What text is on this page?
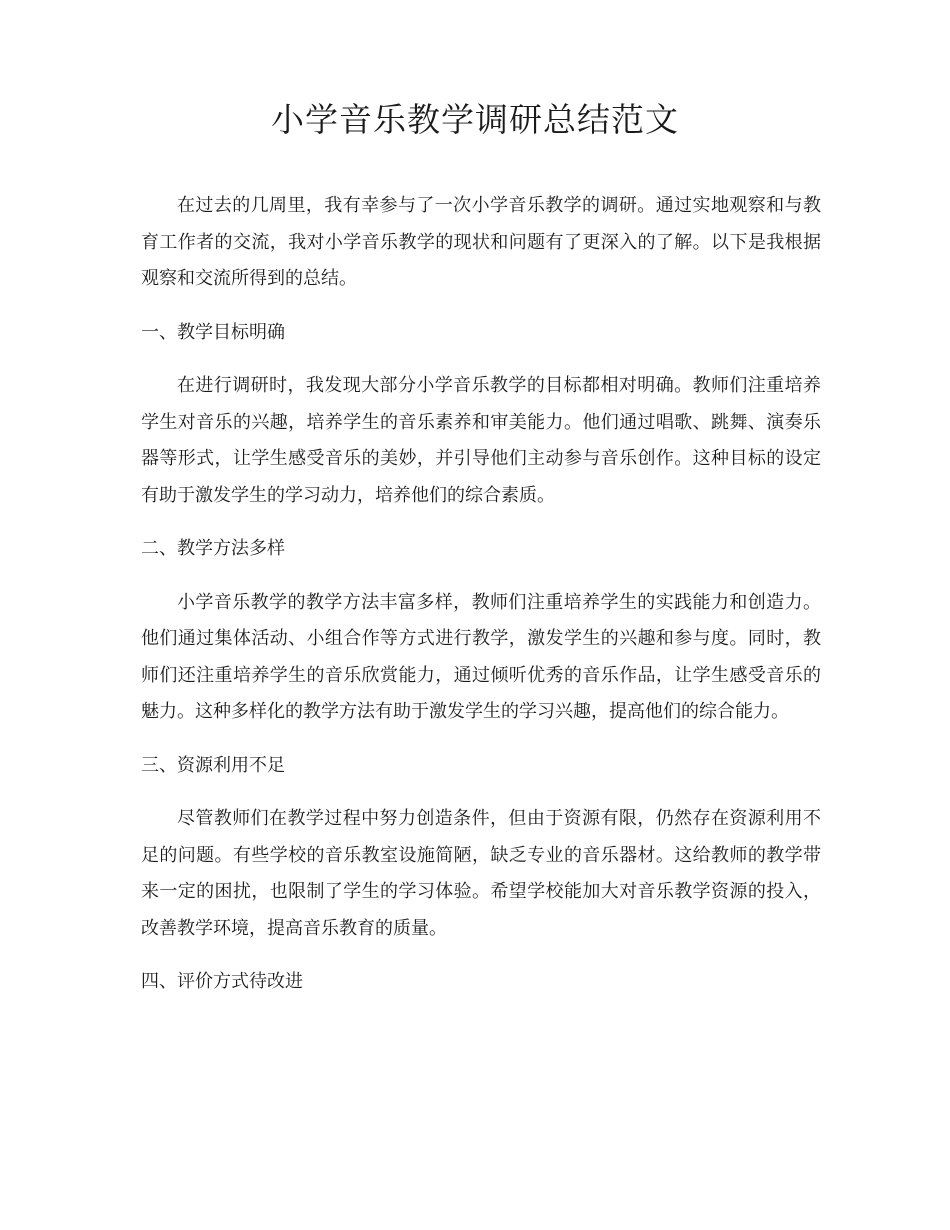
小学音乐教学调研总结范文

在过去的几周里，我有幸参与了一次小学音乐教学的调研。通过实地观察和与教育工作者的交流，我对小学音乐教学的现状和问题有了更深入的了解。以下是我根据观察和交流所得到的总结。

一、教学目标明确

在进行调研时，我发现大部分小学音乐教学的目标都相对明确。教师们注重培养学生对音乐的兴趣，培养学生的音乐素养和审美能力。他们通过唱歌、跳舞、演奏乐器等形式，让学生感受音乐的美妙，并引导他们主动参与音乐创作。这种目标的设定有助于激发学生的学习动力，培养他们的综合素质。

二、教学方法多样

小学音乐教学的教学方法丰富多样，教师们注重培养学生的实践能力和创造力。他们通过集体活动、小组合作等方式进行教学，激发学生的兴趣和参与度。同时，教师们还注重培养学生的音乐欣赏能力，通过倾听优秀的音乐作品，让学生感受音乐的魅力。这种多样化的教学方法有助于激发学生的学习兴趣，提高他们的综合能力。

三、资源利用不足

尽管教师们在教学过程中努力创造条件，但由于资源有限，仍然存在资源利用不足的问题。有些学校的音乐教室设施简陋，缺乏专业的音乐器材。这给教师的教学带来一定的困扰，也限制了学生的学习体验。希望学校能加大对音乐教学资源的投入，改善教学环境，提高音乐教育的质量。

四、评价方式待改进
